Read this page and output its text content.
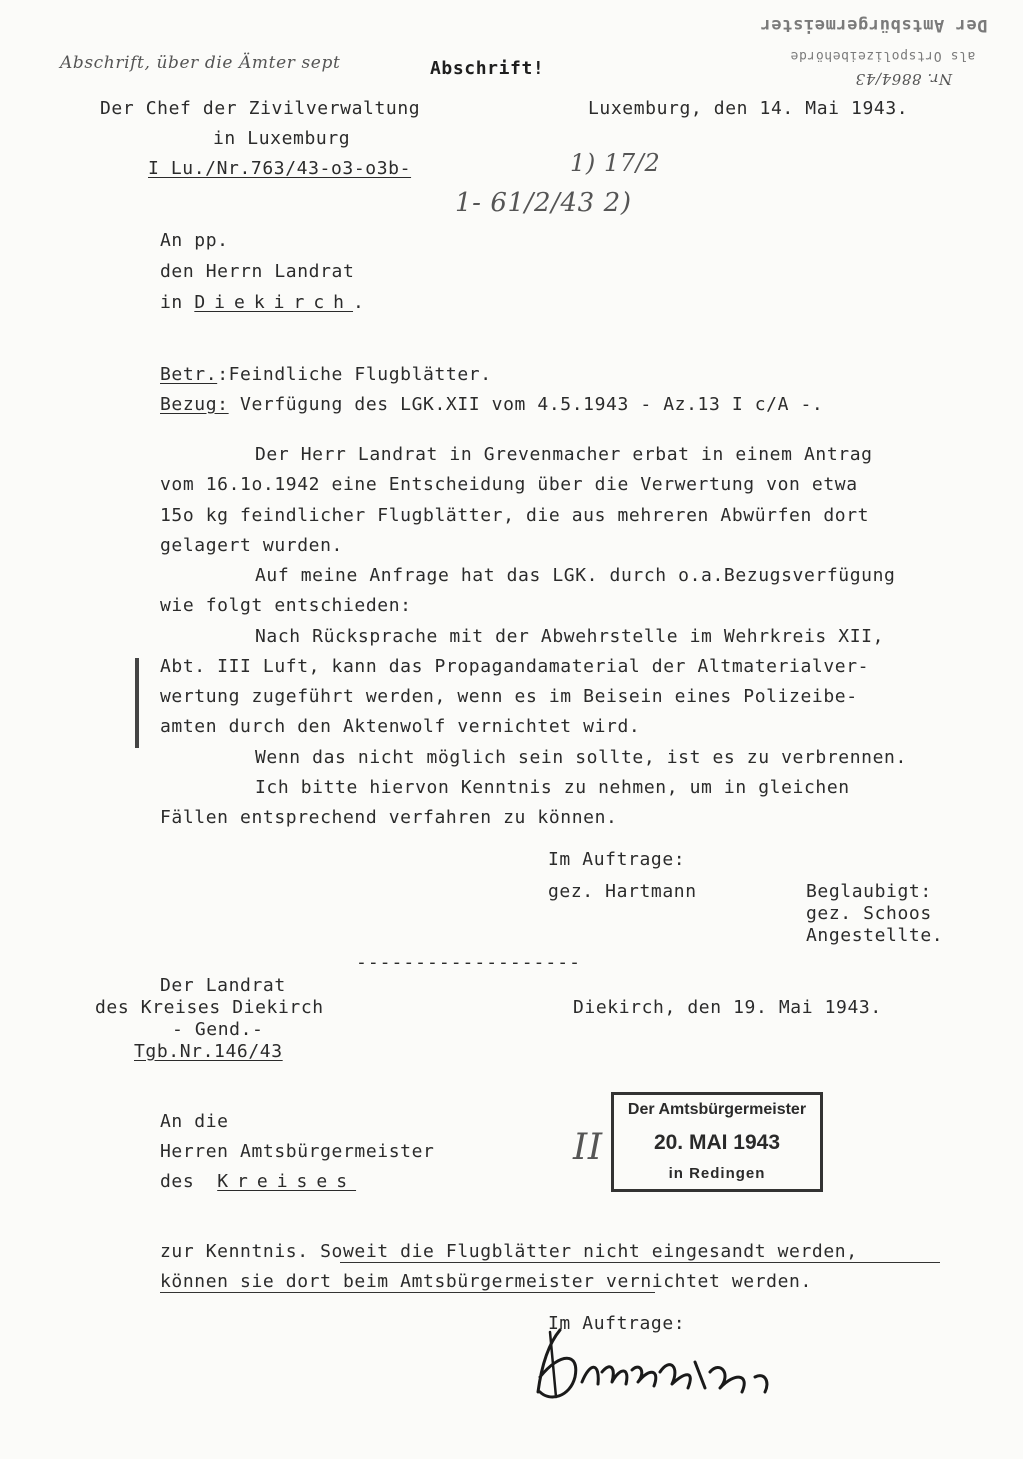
Der Amtsbürgermeister
als Ortspolizeibehörde
Nr. 8864/43
Abschrift, über die Ämter sept	Abschrift!
Der Chef der Zivilverwaltung
in Luxemburg
I Lu./Nr.763/43-o3-o3b-
Luxemburg, den 14. Mai 1943.
1) 17/2
1- 61/2/43 2)
An pp.
den Herrn Landrat
in Diekirch.
Betr.:Feindliche Flugblätter.
Bezug: Verfügung des LGK.XII vom 4.5.1943 - Az.13 I c/A -.
Der Herr Landrat in Grevenmacher erbat in einem Antrag
vom 16.1o.1942 eine Entscheidung über die Verwertung von etwa
15o kg feindlicher Flugblätter, die aus mehreren Abwürfen dort
gelagert wurden.
Auf meine Anfrage hat das LGK. durch o.a.Bezugsverfügung
wie folgt entschieden:
Nach Rücksprache mit der Abwehrstelle im Wehrkreis XII,
Abt. III Luft, kann das Propagandamaterial der Altmaterialver-
wertung zugeführt werden, wenn es im Beisein eines Polizeibe-
amten durch den Aktenwolf vernichtet wird.
Wenn das nicht möglich sein sollte, ist es zu verbrennen.
Ich bitte hiervon Kenntnis zu nehmen, um in gleichen
Fällen entsprechend verfahren zu können.
Im Auftrage:
gez. Hartmann	Beglaubigt:
gez. Schoos
Angestellte.
-------------------
Der Landrat
des Kreises Diekirch
- Gend.-
Tgb.Nr.146/43
Diekirch, den 19. Mai 1943.
An die
Herren Amtsbürgermeister
des Kreises
II
Der Amtsbürgermeister
20. MAI 1943
in Redingen
zur Kenntnis. Soweit die Flugblätter nicht eingesandt werden,
können sie dort beim Amtsbürgermeister vernichtet werden.
Im Auftrage:
